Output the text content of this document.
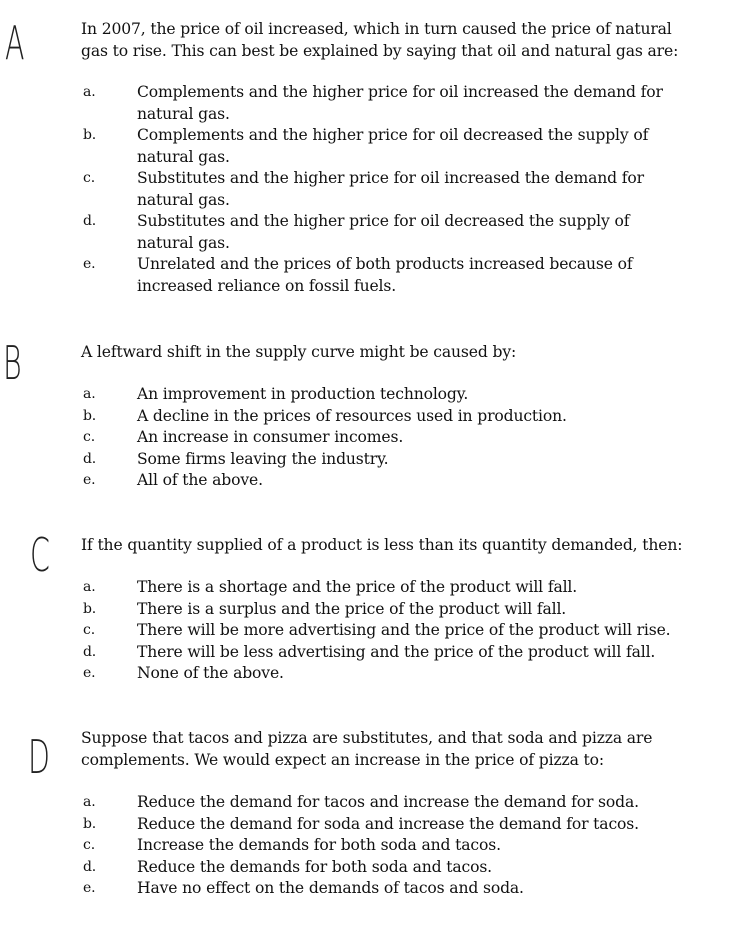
A	In 2007, the price of oil increased, which in turn caused the price of natural gas to rise. This can best be explained by saying that oil and natural gas are:
a.	Complements and the higher price for oil increased the demand for natural gas.
b.	Complements and the higher price for oil decreased the supply of natural gas.
c.	Substitutes and the higher price for oil increased the demand for natural gas.
d.	Substitutes and the higher price for oil decreased the supply of natural gas.
e.	Unrelated and the prices of both products increased because of increased reliance on fossil fuels.
B	A leftward shift in the supply curve might be caused by:
a.	An improvement in production technology.
b.	A decline in the prices of resources used in production.
c.	An increase in consumer incomes.
d.	Some firms leaving the industry.
e.	All of the above.
C If the quantity supplied of a product is less than its quantity demanded, then:
a.	There is a shortage and the price of the product will fall.
b.	There is a surplus and the price of the product will fall.
c.	There will be more advertising and the price of the product will rise.
d.	There will be less advertising and the price of the product will fall.
e.	None of the above.
D Suppose that tacos and pizza are substitutes, and that soda and pizza are complements. We would expect an increase in the price of pizza to:
a.	Reduce the demand for tacos and increase the demand for soda.
b.	Reduce the demand for soda and increase the demand for tacos.
c.	Increase the demands for both soda and tacos.
d.	Reduce the demands for both soda and tacos.
e.	Have no effect on the demands of tacos and soda.
